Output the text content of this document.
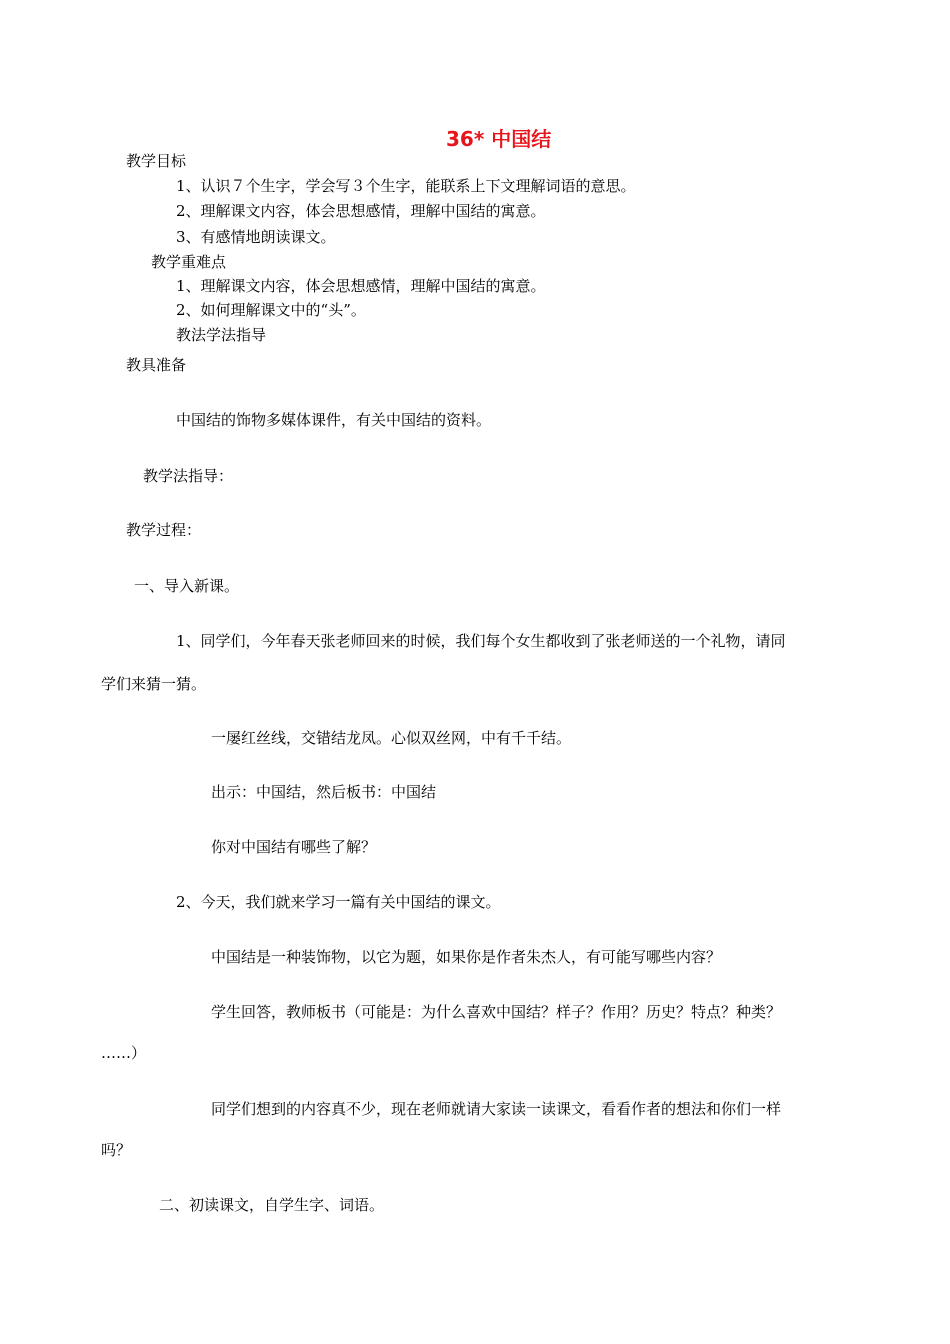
36* 中国结
教学目标
1、认识７个生字，学会写３个生字，能联系上下文理解词语的意思。
2、理解课文内容，体会思想感情，理解中国结的寓意。
3、有感情地朗读课文。
教学重难点
1、理解课文内容，体会思想感情，理解中国结的寓意。
2、如何理解课文中的“头”。
教法学法指导
教具准备
中国结的饰物多媒体课件，有关中国结的资料。
教学法指导：
教学过程：
一、导入新课。
1、同学们，今年春天张老师回来的时候，我们每个女生都收到了张老师送的一个礼物，请同
学们来猜一猜。
一屡红丝线，交错结龙凤。心似双丝网，中有千千结。
出示：中国结，然后板书：中国结
你对中国结有哪些了解？
2、今天，我们就来学习一篇有关中国结的课文。
中国结是一种装饰物，以它为题，如果你是作者朱杰人，有可能写哪些内容？
学生回答，教师板书（可能是：为什么喜欢中国结？样子？作用？历史？特点？种类？
……）
同学们想到的内容真不少，现在老师就请大家读一读课文，看看作者的想法和你们一样
吗？
二、初读课文，自学生字、词语。
